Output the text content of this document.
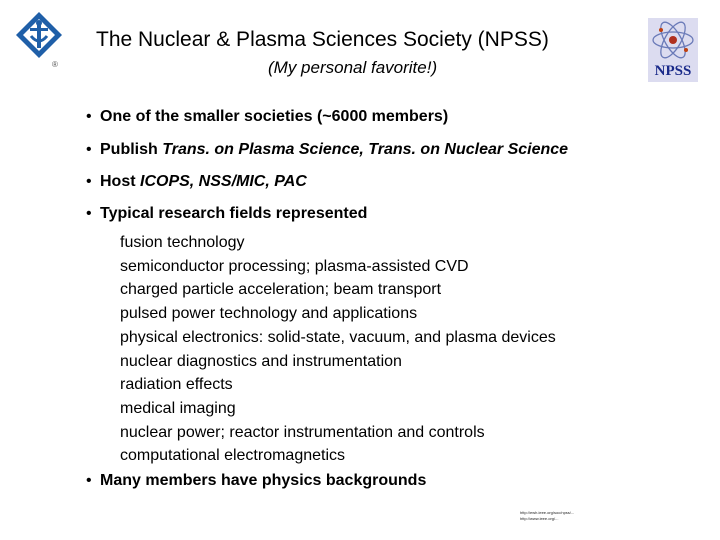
®	NPSS
The Nuclear & Plasma Sciences Society (NPSS)
(My personal favorite!)
• One of the smaller societies (~6000 members)
• Publish Trans. on Plasma Science, Trans. on Nuclear Science
• Host ICOPS, NSS/MIC, PAC
• Typical research fields represented
fusion technology
semiconductor processing; plasma-assisted CVD
charged particle acceleration; beam transport
pulsed power technology and applications
physical electronics: solid-state, vacuum, and plasma devices
nuclear diagnostics and instrumentation
radiation effects
medical imaging
nuclear power; reactor instrumentation and controls
computational electromagnetics
• Many members have physics backgrounds
http://ewh.ieee.org/soc/npss/...
http://www.ieee.org/...
